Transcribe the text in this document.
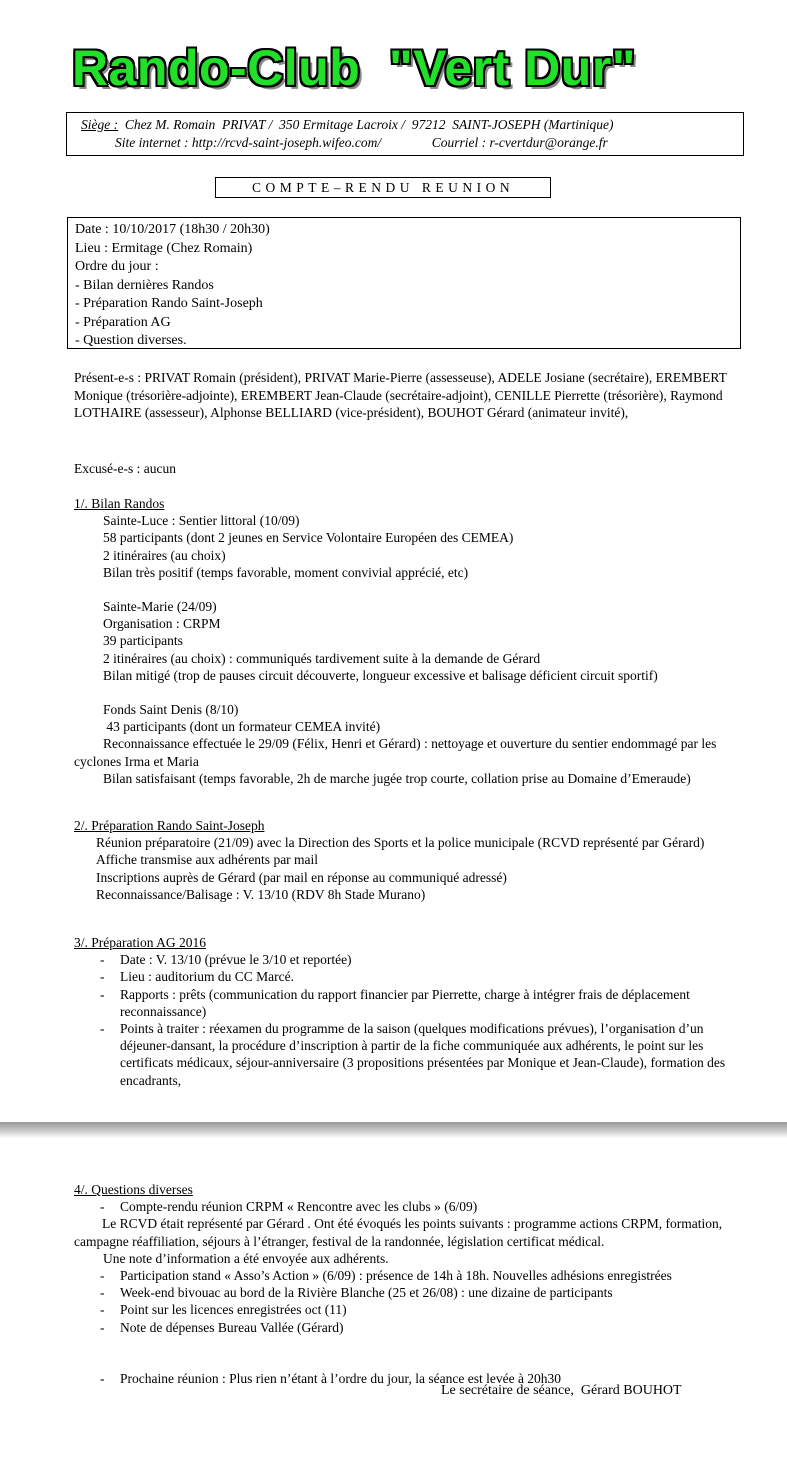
Rando-Club  "Vert Dur"
Siège :  Chez M. Romain  PRIVAT /  350 Ermitage Lacroix /  97212  SAINT-JOSEPH (Martinique)
Site internet : http://rcvd-saint-joseph.wifeo.com/               Courriel : r-cvertdur@orange.fr
COMPTE–RENDU REUNION
Date : 10/10/2017 (18h30 / 20h30)
Lieu : Ermitage (Chez Romain)
Ordre du jour :
- Bilan dernières Randos
- Préparation Rando Saint-Joseph
- Préparation AG
- Question diverses.
Présent-e-s : PRIVAT Romain (président), PRIVAT Marie-Pierre (assesseuse), ADELE Josiane (secrétaire), EREMBERT Monique (trésorière-adjointe), EREMBERT Jean-Claude (secrétaire-adjoint), CENILLE Pierrette (trésorière), Raymond LOTHAIRE (assesseur), Alphonse BELLIARD (vice-président), BOUHOT Gérard (animateur invité),
Excusé-e-s : aucun
1/. Bilan Randos
Sainte-Luce : Sentier littoral (10/09)
58 participants (dont 2 jeunes en Service Volontaire Européen des CEMEA)
2 itinéraires (au choix)
Bilan très positif (temps favorable, moment convivial apprécié, etc)
Sainte-Marie (24/09)
Organisation : CRPM
39 participants
2 itinéraires (au choix) : communiqués tardivement suite à la demande de Gérard
Bilan mitigé (trop de pauses circuit découverte, longueur excessive et balisage déficient circuit sportif)
Fonds Saint Denis (8/10)
43 participants (dont un formateur CEMEA invité)
Reconnaissance effectuée le 29/09 (Félix, Henri et Gérard) : nettoyage et ouverture du sentier endommagé par les cyclones Irma et Maria
Bilan satisfaisant (temps favorable, 2h de marche jugée trop courte, collation prise au Domaine d’Emeraude)
2/. Préparation Rando Saint-Joseph
Réunion préparatoire (21/09) avec la Direction des Sports et la police municipale (RCVD représenté par Gérard)
Affiche transmise aux adhérents par mail
Inscriptions auprès de Gérard (par mail en réponse au communiqué adressé)
Reconnaissance/Balisage : V. 13/10 (RDV 8h Stade Murano)
3/. Préparation AG 2016
- Date : V. 13/10 (prévue le 3/10 et reportée)
- Lieu : auditorium du CC Marcé.
- Rapports : prêts (communication du rapport financier par Pierrette, charge à intégrer frais de déplacement reconnaissance)
- Points à traiter : réexamen du programme de la saison (quelques modifications prévues), l’organisation d’un déjeuner-dansant, la procédure d’inscription à partir de la fiche communiquée aux adhérents, le point sur les certificats médicaux, séjour-anniversaire (3 propositions présentées par Monique et Jean-Claude), formation des encadrants,
4/. Questions diverses
- Compte-rendu réunion CRPM « Rencontre avec les clubs » (6/09)
Le RCVD était représenté par Gérard . Ont été évoqués les points suivants : programme actions CRPM, formation, campagne réaffiliation, séjours à l’étranger, festival de la randonnée, législation certificat médical.
Une note d’information a été envoyée aux adhérents.
- Participation stand « Asso’s Action » (6/09) : présence de 14h à 18h. Nouvelles adhésions enregistrées
- Week-end bivouac au bord de la Rivière Blanche (25 et 26/08) : une dizaine de participants
- Point sur les licences enregistrées oct (11)
- Note de dépenses Bureau Vallée (Gérard)
- Prochaine réunion : Plus rien n’étant à l’ordre du jour, la séance est levée à 20h30
Le secrétaire de séance,  Gérard BOUHOT
